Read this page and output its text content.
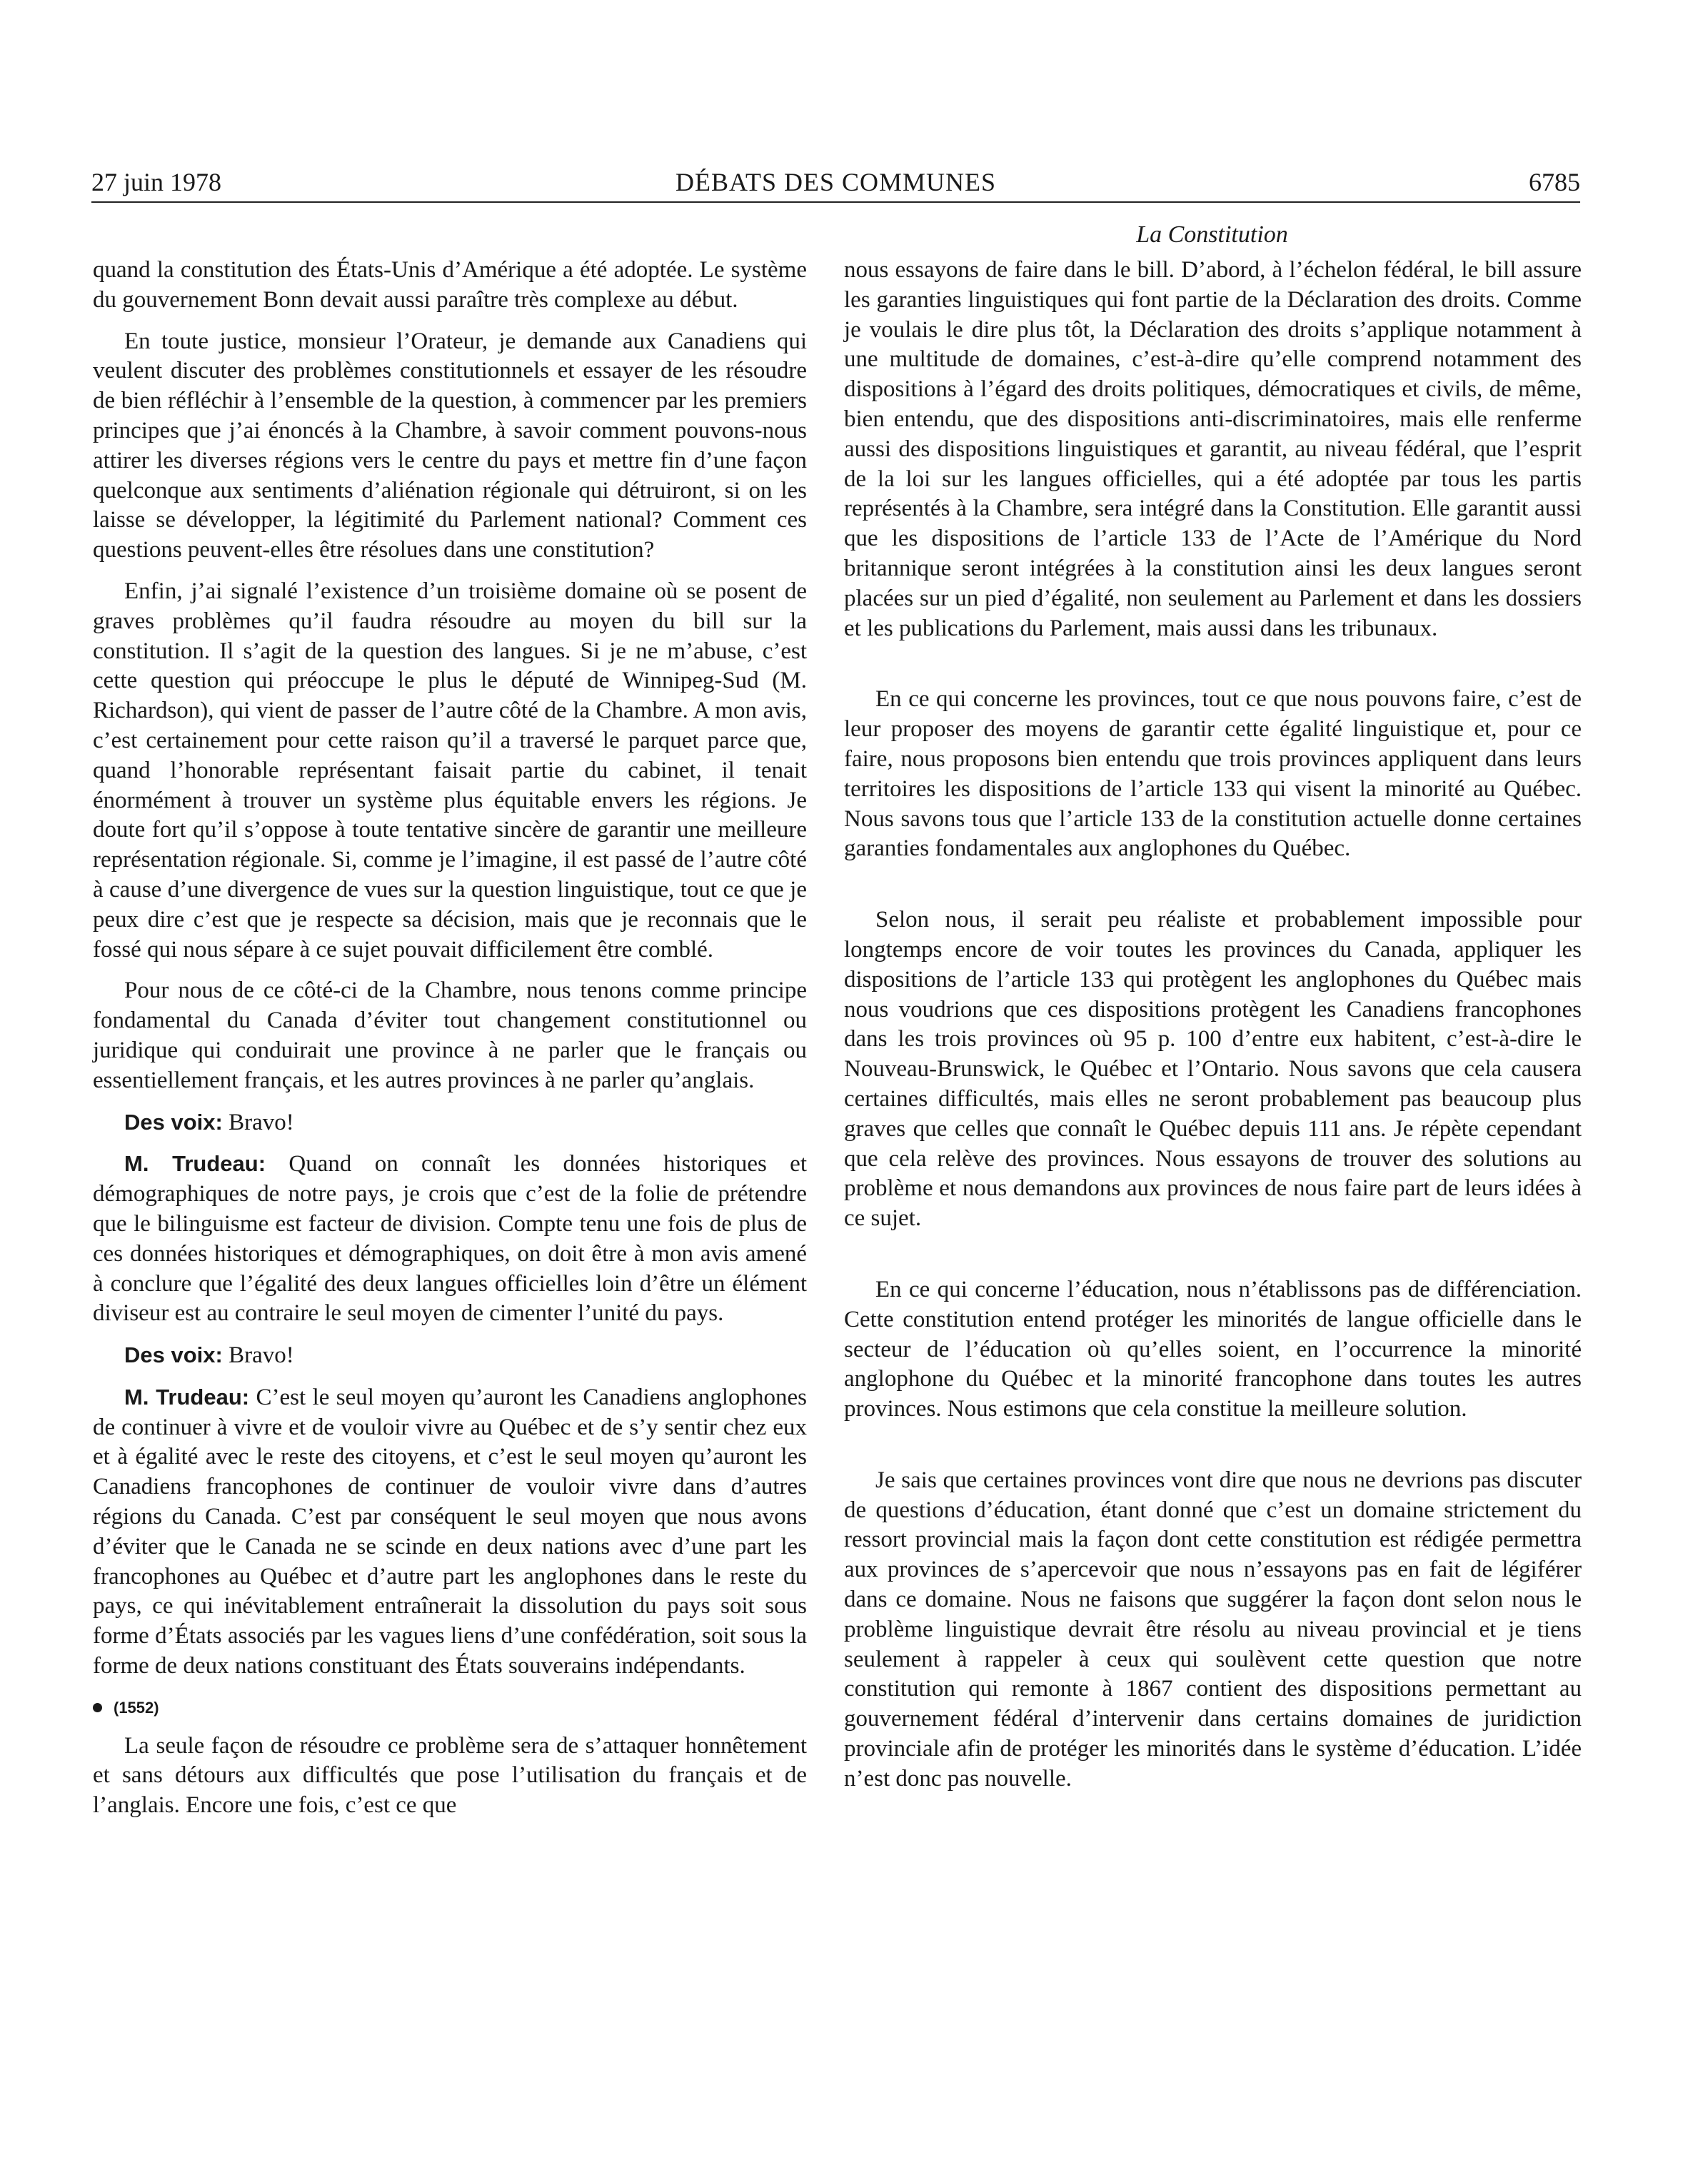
27 juin 1978	DÉBATS DES COMMUNES	6785
La Constitution

quand la constitution des États-Unis d’Amérique a été adoptée. Le système du gouvernement Bonn devait aussi paraître très complexe au début.

En toute justice, monsieur l’Orateur, je demande aux Canadiens qui veulent discuter des problèmes constitutionnels et essayer de les résoudre de bien réfléchir à l’ensemble de la question, à commencer par les premiers principes que j’ai énoncés à la Chambre, à savoir comment pouvons-nous attirer les diverses régions vers le centre du pays et mettre fin d’une façon quelconque aux sentiments d’aliénation régionale qui détruiront, si on les laisse se développer, la légitimité du Parlement national? Comment ces questions peuvent-elles être résolues dans une constitution?

Enfin, j’ai signalé l’existence d’un troisième domaine où se posent de graves problèmes qu’il faudra résoudre au moyen du bill sur la constitution. Il s’agit de la question des langues. Si je ne m’abuse, c’est cette question qui préoccupe le plus le député de Winnipeg-Sud (M. Richardson), qui vient de passer de l’autre côté de la Chambre. A mon avis, c’est certainement pour cette raison qu’il a traversé le parquet parce que, quand l’honorable représentant faisait partie du cabinet, il tenait énormément à trouver un système plus équitable envers les régions. Je doute fort qu’il s’oppose à toute tentative sincère de garantir une meilleure représentation régionale. Si, comme je l’imagine, il est passé de l’autre côté à cause d’une divergence de vues sur la question linguistique, tout ce que je peux dire c’est que je respecte sa décision, mais que je reconnais que le fossé qui nous sépare à ce sujet pouvait difficilement être comblé.

Pour nous de ce côté-ci de la Chambre, nous tenons comme principe fondamental du Canada d’éviter tout changement constitutionnel ou juridique qui conduirait une province à ne parler que le français ou essentiellement français, et les autres provinces à ne parler qu’anglais.

Des voix: Bravo!

M. Trudeau: Quand on connaît les données historiques et démographiques de notre pays, je crois que c’est de la folie de prétendre que le bilinguisme est facteur de division. Compte tenu une fois de plus de ces données historiques et démographiques, on doit être à mon avis amené à conclure que l’égalité des deux langues officielles loin d’être un élément diviseur est au contraire le seul moyen de cimenter l’unité du pays.

Des voix: Bravo!

M. Trudeau: C’est le seul moyen qu’auront les Canadiens anglophones de continuer à vivre et de vouloir vivre au Québec et de s’y sentir chez eux et à égalité avec le reste des citoyens, et c’est le seul moyen qu’auront les Canadiens francophones de continuer de vouloir vivre dans d’autres régions du Canada. C’est par conséquent le seul moyen que nous avons d’éviter que le Canada ne se scinde en deux nations avec d’une part les francophones au Québec et d’autre part les anglophones dans le reste du pays, ce qui inévitablement entraînerait la dissolution du pays soit sous forme d’États associés par les vagues liens d’une confédération, soit sous la forme de deux nations constituant des États souverains indépendants.

(1552)

La seule façon de résoudre ce problème sera de s’attaquer honnêtement et sans détours aux difficultés que pose l’utilisation du français et de l’anglais. Encore une fois, c’est ce que

nous essayons de faire dans le bill. D’abord, à l’échelon fédéral, le bill assure les garanties linguistiques qui font partie de la Déclaration des droits. Comme je voulais le dire plus tôt, la Déclaration des droits s’applique notamment à une multitude de domaines, c’est-à-dire qu’elle comprend notamment des dispositions à l’égard des droits politiques, démocratiques et civils, de même, bien entendu, que des dispositions anti-discriminatoires, mais elle renferme aussi des dispositions linguistiques et garantit, au niveau fédéral, que l’esprit de la loi sur les langues officielles, qui a été adoptée par tous les partis représentés à la Chambre, sera intégré dans la Constitution. Elle garantit aussi que les dispositions de l’article 133 de l’Acte de l’Amérique du Nord britannique seront intégrées à la constitution ainsi les deux langues seront placées sur un pied d’égalité, non seulement au Parlement et dans les dossiers et les publications du Parlement, mais aussi dans les tribunaux.

En ce qui concerne les provinces, tout ce que nous pouvons faire, c’est de leur proposer des moyens de garantir cette égalité linguistique et, pour ce faire, nous proposons bien entendu que trois provinces appliquent dans leurs territoires les dispositions de l’article 133 qui visent la minorité au Québec. Nous savons tous que l’article 133 de la constitution actuelle donne certaines garanties fondamentales aux anglophones du Québec.

Selon nous, il serait peu réaliste et probablement impossible pour longtemps encore de voir toutes les provinces du Canada, appliquer les dispositions de l’article 133 qui protègent les anglophones du Québec mais nous voudrions que ces dispositions protègent les Canadiens francophones dans les trois provinces où 95 p. 100 d’entre eux habitent, c’est-à-dire le Nouveau-Brunswick, le Québec et l’Ontario. Nous savons que cela causera certaines difficultés, mais elles ne seront probablement pas beaucoup plus graves que celles que connaît le Québec depuis 111 ans. Je répète cependant que cela relève des provinces. Nous essayons de trouver des solutions au problème et nous demandons aux provinces de nous faire part de leurs idées à ce sujet.

En ce qui concerne l’éducation, nous n’établissons pas de différenciation. Cette constitution entend protéger les minorités de langue officielle dans le secteur de l’éducation où qu’elles soient, en l’occurrence la minorité anglophone du Québec et la minorité francophone dans toutes les autres provinces. Nous estimons que cela constitue la meilleure solution.

Je sais que certaines provinces vont dire que nous ne devrions pas discuter de questions d’éducation, étant donné que c’est un domaine strictement du ressort provincial mais la façon dont cette constitution est rédigée permettra aux provinces de s’apercevoir que nous n’essayons pas en fait de légiférer dans ce domaine. Nous ne faisons que suggérer la façon dont selon nous le problème linguistique devrait être résolu au niveau provincial et je tiens seulement à rappeler à ceux qui soulèvent cette question que notre constitution qui remonte à 1867 contient des dispositions permettant au gouvernement fédéral d’intervenir dans certains domaines de juridiction provinciale afin de protéger les minorités dans le système d’éducation. L’idée n’est donc pas nouvelle.
